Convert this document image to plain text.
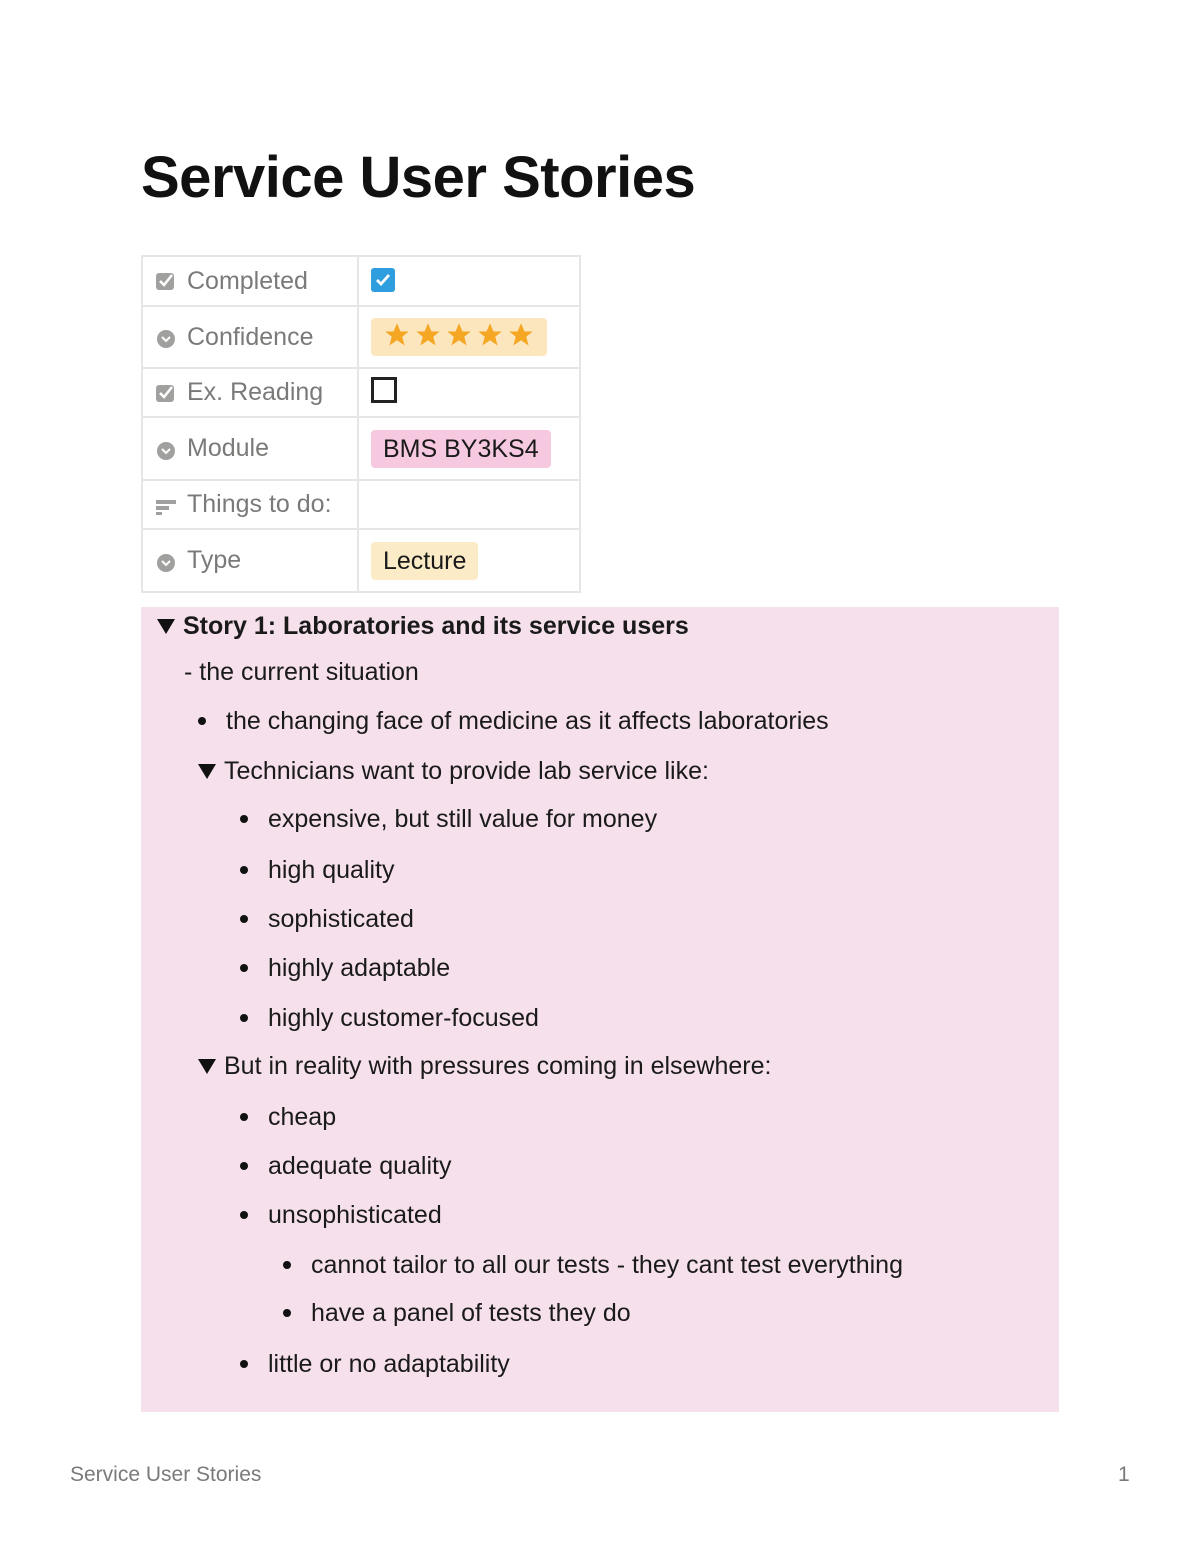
Service User Stories
Completed

Confidence

Ex. Reading	

Module	BMS BY3KS4

Things to do:	

Type	Lecture
Story 1: Laboratories and its service users
- the current situation
the changing face of medicine as it affects laboratories
Technicians want to provide lab service like:
expensive, but still value for money
high quality
sophisticated
highly adaptable
highly customer-focused
But in reality with pressures coming in elsewhere:
cheap
adequate quality
unsophisticated
cannot tailor to all our tests - they cant test everything
have a panel of tests they do
little or no adaptability
Service User Stories	1
